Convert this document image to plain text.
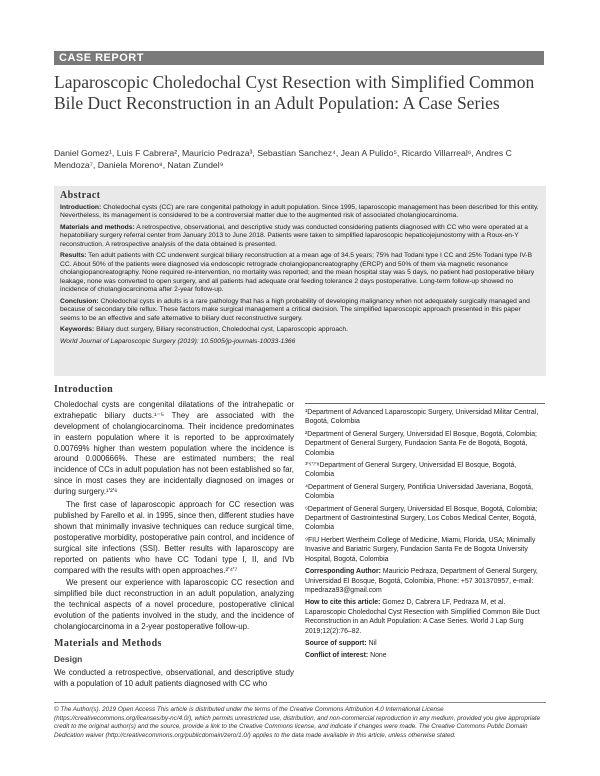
CASE REPORT
Laparoscopic Choledochal Cyst Resection with Simplified Common Bile Duct Reconstruction in an Adult Population: A Case Series
Daniel Gomez¹, Luis F Cabrera², Mauricio Pedraza³, Sebastian Sanchez⁴, Jean A Pulido⁵, Ricardo Villarreal⁶, Andres C Mendoza⁷, Daniela Moreno⁸, Natan Zundel⁹
Abstract

Introduction: Choledochal cysts (CC) are rare congenital pathology in adult population. Since 1995, laparoscopic management has been described for this entity. Nevertheless, its management is considered to be a controversial matter due to the augmented risk of associated cholangiocarcinoma.

Materials and methods: A retrospective, observational, and descriptive study was conducted considering patients diagnosed with CC who were operated at a hepatobiliary surgery referral center from January 2013 to June 2018. Patients were taken to simplified laparoscopic hepaticojejunostomy with a Roux-en-Y reconstruction. A retrospective analysis of the data obtained is presented.

Results: Ten adult patients with CC underwent surgical biliary reconstruction at a mean age of 34.5 years; 75% had Todani type I CC and 25% Todani type IV-B CC. About 50% of the patients were diagnosed via endoscopic retrograde cholangiopancreatography (ERCP) and 50% of them via magnetic resonance cholangiopancreatography. None required re-intervention, no mortality was reported; and the mean hospital stay was 5 days, no patient had postoperative biliary leakage, none was converted to open surgery, and all patients had adequate oral feeding tolerance 2 days postoperative. Long-term follow-up showed no incidence of cholangiocarcinoma after 2-year follow-up.

Conclusion: Choledochal cysts in adults is a rare pathology that has a high probability of developing malignancy when not adequately surgically managed and because of secondary bile reflux. These factors make surgical management a critical decision. The simplified laparoscopic approach presented in this paper seems to be an effective and safe alternative to biliary duct reconstructive surgery.

Keywords: Biliary duct surgery, Biliary reconstruction, Choledochal cyst, Laparoscopic approach.

World Journal of Laparoscopic Surgery (2019): 10.5005/jp-journals-10033-1366

Introduction

Choledochal cysts are congenital dilatations of the intrahepatic or extrahepatic biliary ducts.¹⁻⁵ They are associated with the development of cholangiocarcinoma. Their incidence predominates in eastern population where it is reported to be approximately 0.00769% higher than western population where the incidence is around 0.000666%. These are estimated numbers; the real incidence of CCs in adult population has not been established so far, since in most cases they are incidentally diagnosed on images or during surgery.¹'²'⁶

The first case of laparoscopic approach for CC resection was published by Farello et al. in 1995, since then, different studies have shown that minimally invasive techniques can reduce surgical time, postoperative morbidity, postoperative pain control, and incidence of surgical site infections (SSI). Better results with laparoscopy are reported on patients who have CC Todani type I, II, and IVb compared with the results with open approaches.²'⁴'⁷

We present our experience with laparoscopic CC resection and simplified bile duct reconstruction in an adult population, analyzing the technical aspects of a novel procedure, postoperative clinical evolution of the patients involved in the study, and the incidence of cholangiocarcinoma in a 2-year postoperative follow-up.

Materials and Methods
Design

We conducted a retrospective, observational, and descriptive study with a population of 10 adult patients diagnosed with CC who

¹Department of Advanced Laparoscopic Surgery, Universidad Militar Central, Bogotá, Colombia

²Department of General Surgery, Universidad El Bosque, Bogotá, Colombia; Department of General Surgery, Fundacion Santa Fe de Bogotá, Bogotá, Colombia

³'⁵'⁷'⁸Department of General Surgery, Universidad El Bosque, Bogotá, Colombia

⁴Department of General Surgery, Pontificia Universidad Javeriana, Bogotá, Colombia

⁶Department of General Surgery, Universidad El Bosque, Bogotá, Colombia; Department of Gastrointestinal Surgery, Los Cobos Medical Center, Bogotá, Colombia

⁹FIU Herbert Wertheim College of Medicine, Miami, Florida, USA; Minimally Invasive and Bariatric Surgery, Fundacion Santa Fe de Bogota University Hospital, Bogotá, Colombia

Corresponding Author: Mauricio Pedraza, Department of General Surgery, Universidad El Bosque, Bogotá, Colombia, Phone: +57 301370957, e-mail: mpedraza93@gmail.com

How to cite this article: Gomez D, Cabrera LF, Pedraza M, et al. Laparoscopic Choledochal Cyst Resection with Simplified Common Bile Duct Reconstruction in an Adult Population: A Case Series. World J Lap Surg 2019;12(2):76–82.

Source of support: Nil

Conflict of interest: None

© The Author(s). 2019 Open Access This article is distributed under the terms of the Creative Commons Attribution 4.0 International License (https://creativecommons.org/licenses/by-nc/4.0/), which permits unrestricted use, distribution, and non-commercial reproduction in any medium, provided you give appropriate credit to the original author(s) and the source, provide a link to the Creative Commons license, and indicate if changes were made. The Creative Commons Public Domain Dedication waiver (http://creativecommons.org/publicdomain/zero/1.0/) applies to the data made available in this article, unless otherwise stated.
